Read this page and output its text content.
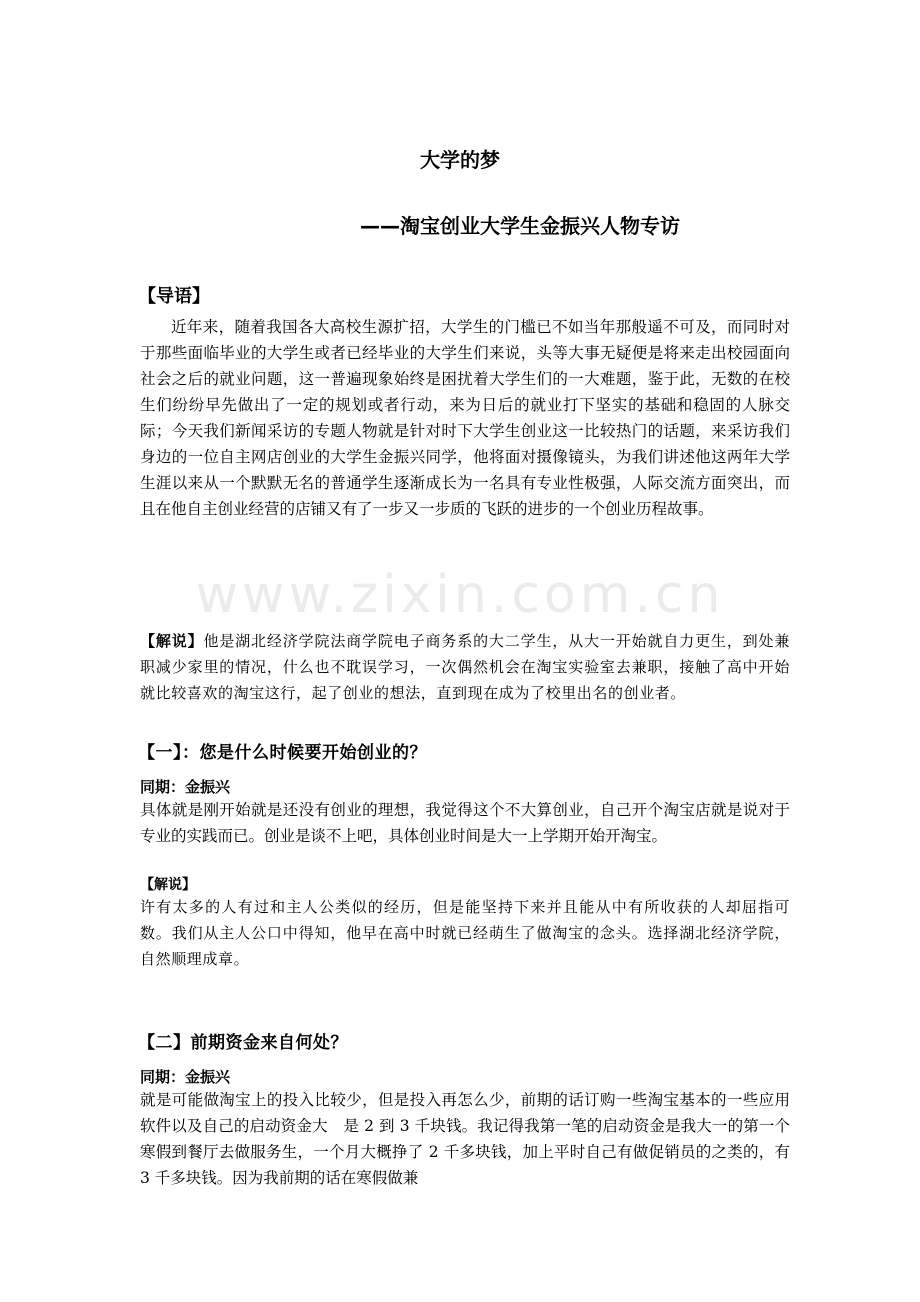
www.zixin.com.cn
大学的梦
——淘宝创业大学生金振兴人物专访
【导语】

近年来，随着我国各大高校生源扩招，大学生的门槛已不如当年那般遥不可及，而同时对于那些面临毕业的大学生或者已经毕业的大学生们来说，头等大事无疑便是将来走出校园面向社会之后的就业问题，这一普遍现象始终是困扰着大学生们的一大难题，鉴于此，无数的在校生们纷纷早先做出了一定的规划或者行动，来为日后的就业打下坚实的基础和稳固的人脉交际；今天我们新闻采访的专题人物就是针对时下大学生创业这一比较热门的话题，来采访我们身边的一位自主网店创业的大学生金振兴同学，他将面对摄像镜头，为我们讲述他这两年大学生涯以来从一个默默无名的普通学生逐渐成长为一名具有专业性极强，人际交流方面突出，而且在他自主创业经营的店铺又有了一步又一步质的飞跃的进步的一个创业历程故事。

【解说】他是湖北经济学院法商学院电子商务系的大二学生，从大一开始就自力更生，到处兼职减少家里的情况，什么也不耽误学习，一次偶然机会在淘宝实验室去兼职，接触了高中开始就比较喜欢的淘宝这行，起了创业的想法，直到现在成为了校里出名的创业者。

【一】：您是什么时候要开始创业的？
同期：金振兴

具体就是刚开始就是还没有创业的理想，我觉得这个不大算创业，自己开个淘宝店就是说对于专业的实践而已。创业是谈不上吧，具体创业时间是大一上学期开始开淘宝。

【解说】

许有太多的人有过和主人公类似的经历，但是能坚持下来并且能从中有所收获的人却屈指可数。我们从主人公口中得知，他早在高中时就已经萌生了做淘宝的念头。选择湖北经济学院，自然顺理成章。

【二】前期资金来自何处？
同期：金振兴

就是可能做淘宝上的投入比较少，但是投入再怎么少，前期的话订购一些淘宝基本的一些应用软件以及自己的启动资金大　是 2 到 3 千块钱。我记得我第一笔的启动资金是我大一的第一个寒假到餐厅去做服务生，一个月大概挣了 2 千多块钱，加上平时自己有做促销员的之类的，有 3 千多块钱。因为我前期的话在寒假做兼
